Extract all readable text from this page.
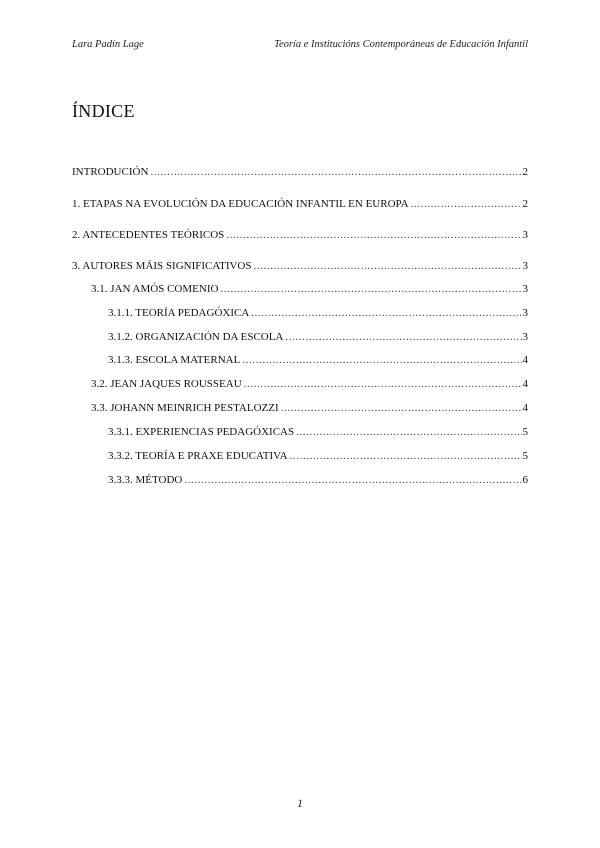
Lara Padín Lage	Teoría e Institucións Contemporáneas de Educación Infantil
ÍNDICE
INTRODUCIÓN .....	2
1. ETAPAS NA EVOLUCIÓN DA EDUCACIÓN INFANTIL EN EUROPA .....	2
2. ANTECEDENTES TEÓRICOS .....	3
3. AUTORES MÁIS SIGNIFICATIVOS .....	3
3.1. JAN AMÓS COMENIO .....	3
3.1.1. TEORÍA PEDAGÓXICA .....	3
3.1.2. ORGANIZACIÓN DA ESCOLA .....	3
3.1.3. ESCOLA MATERNAL .....	4
3.2. JEAN JAQUES ROUSSEAU .....	4
3.3. JOHANN MEINRICH PESTALOZZI .....	4
3.3.1. EXPERIENCIAS PEDAGÓXICAS .....	5
3.3.2. TEORÍA E PRAXE EDUCATIVA .....	5
3.3.3. MÉTODO .....	6
1
